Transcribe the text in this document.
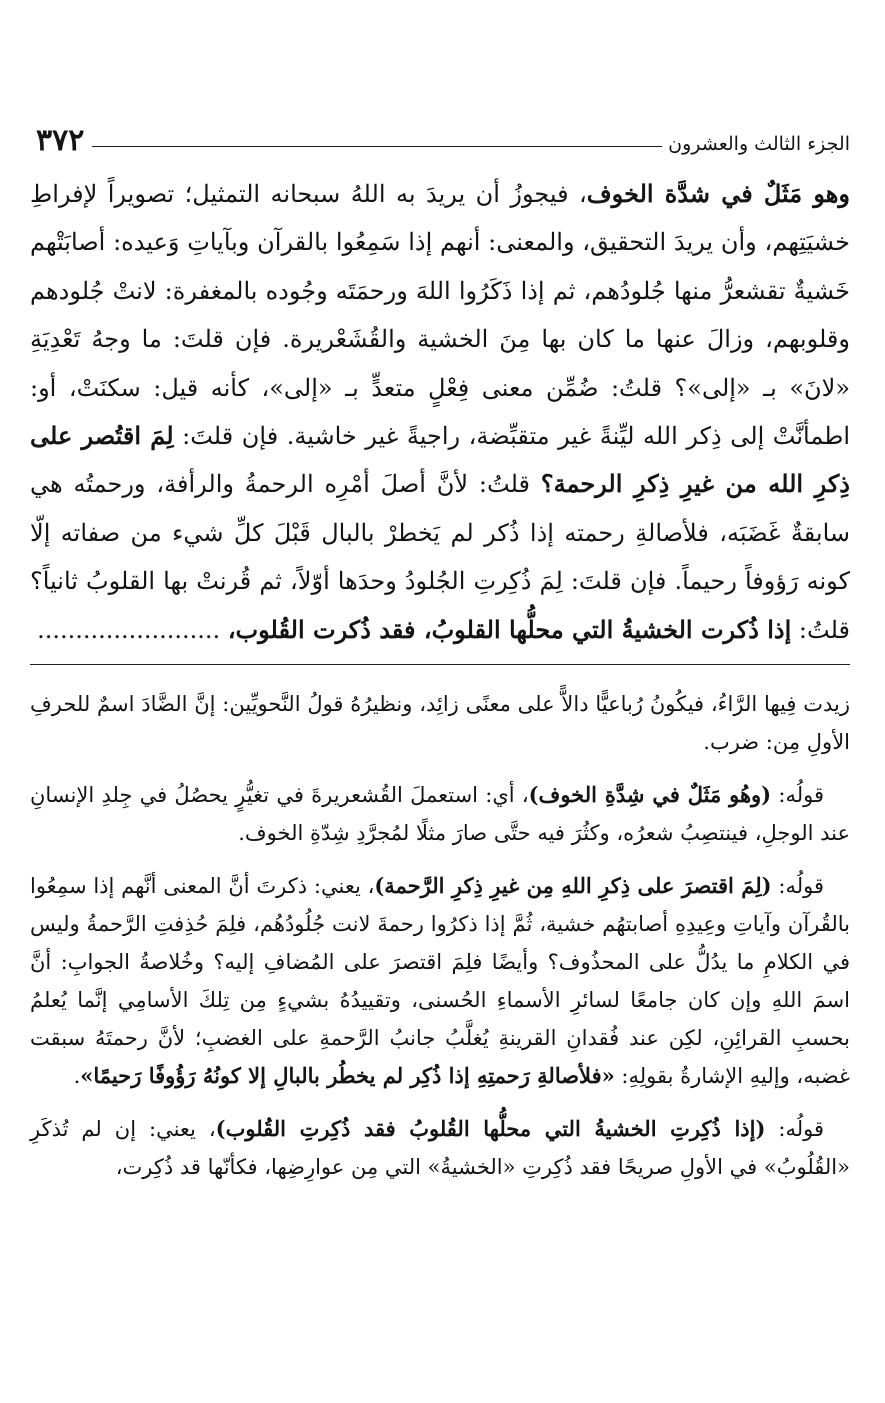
الجزء الثالث والعشرون
٣٧٢

وهو مَثَلٌ في شدَّة الخوف، فيجوزُ أن يريدَ به اللهُ سبحانه التمثيل؛ تصويراً لإفراطِ خشيَتِهم، وأن يريدَ التحقيق، والمعنى: أنهم إذا سَمِعُوا بالقرآن وبآياتِ وَعيده: أصابَتْهم خَشيةٌ تقشعرُّ منها جُلودُهم، ثم إذا ذَكَرُوا اللهَ ورحمَتَه وجُوده بالمغفرة: لانتْ جُلودهم وقلوبهم، وزالَ عنها ما كان بها مِنَ الخشية والقُشَعْريرة. فإن قلتَ: ما وجهُ تَعْدِيَةِ «لانَ» بـ «إلى»؟ قلتُ: ضُمِّن معنى فِعْلٍ متعدٍّ بـ «إلى»، كأنه قيل: سكنَتْ، أو: اطمأنَّتْ إلى ذِكر الله ليِّنةً غير متقبِّضة، راجيةً غير خاشية. فإن قلتَ: لِمَ اقتُصر على ذِكرِ الله من غيرِ ذِكرِ الرحمة؟ قلتُ: لأنَّ أصلَ أمْرِه الرحمةُ والرأفة، ورحمتُه هي سابقةٌ غَضَبَه، فلأصالةِ رحمته إذا ذُكر لم يَخطرْ بالبال قَبْلَ كلِّ شيء من صفاته إلّا كونه رَؤوفاً رحيماً. فإن قلتَ: لِمَ ذُكِرتِ الجُلودُ وحدَها أوّلاً، ثم قُرنتْ بها القلوبُ ثانياً؟ قلتُ: إذا ذُكرت الخشيةُ التي محلُّها القلوبُ، فقد ذُكرت القُلوب، ........................

زيدت فِيها الرَّاءُ، فيكُونُ رُباعيًّا دالاًّ على معنًى زائِد، ونظيرُهُ قولُ النَّحويِّين: إنَّ الضَّادَ اسمٌ للحرفِ الأولِ مِن: ضرب.

قولُه: (وهُو مَثَلٌ في شِدَّةِ الخوف)، أي: استعملَ القُشعريرةَ في تغيُّرٍ يحصُلُ في جِلدِ الإنسانِ عند الوجلِ، فينتصِبُ شعرُه، وكثُرَ فيه حتَّى صارَ مثلًا لمُجرَّدِ شِدّةِ الخوف.

قولُه: (لِمَ اقتصرَ على ذِكرِ اللهِ مِن غيرِ ذِكرِ الرَّحمة)، يعني: ذكرتَ أنَّ المعنى أنَّهم إذا سمِعُوا بالقُرآن وآياتِ وعِيدِهِ أصابتهُم خشية، ثُمَّ إذا ذكرُوا رحمةَ لانت جُلُودُهُم، فلِمَ حُذِفتِ الرَّحمةُ وليس في الكلامِ ما يدُلُّ على المحذُوف؟ وأيضًا فلِمَ اقتصرَ على المُضافِ إليه؟ وخُلاصةُ الجوابِ: أنَّ اسمَ اللهِ وإن كان جامعًا لسائرِ الأسماءِ الحُسنى، وتقييدُهُ بشيءٍ مِن تِلكَ الأسامِي إنَّما يُعلمُ بحسبِ القرائِنِ، لكِن عند فُقدانِ القرينةِ يُغلَّبُ جانبُ الرَّحمةِ على الغضبِ؛ لأنَّ رحمتَهُ سبقت غضبه، وإليهِ الإشارةُ بقولِهِ: «فلأصالةِ رَحمتِهِ إذا ذُكِر لم يخطُر بالبالِ إلا كونُهُ رَؤُوفًا رَحيمًا».

قولُه: (إذا ذُكِرتِ الخشيةُ التي محلُّها القُلوبُ فقد ذُكِرتِ القُلوب)، يعني: إن لم تُذكَرِ «القُلُوبُ» في الأولِ صريحًا فقد ذُكِرتِ «الخشيةُ» التي مِن عوارِضِها، فكأنّها قد ذُكِرت،
